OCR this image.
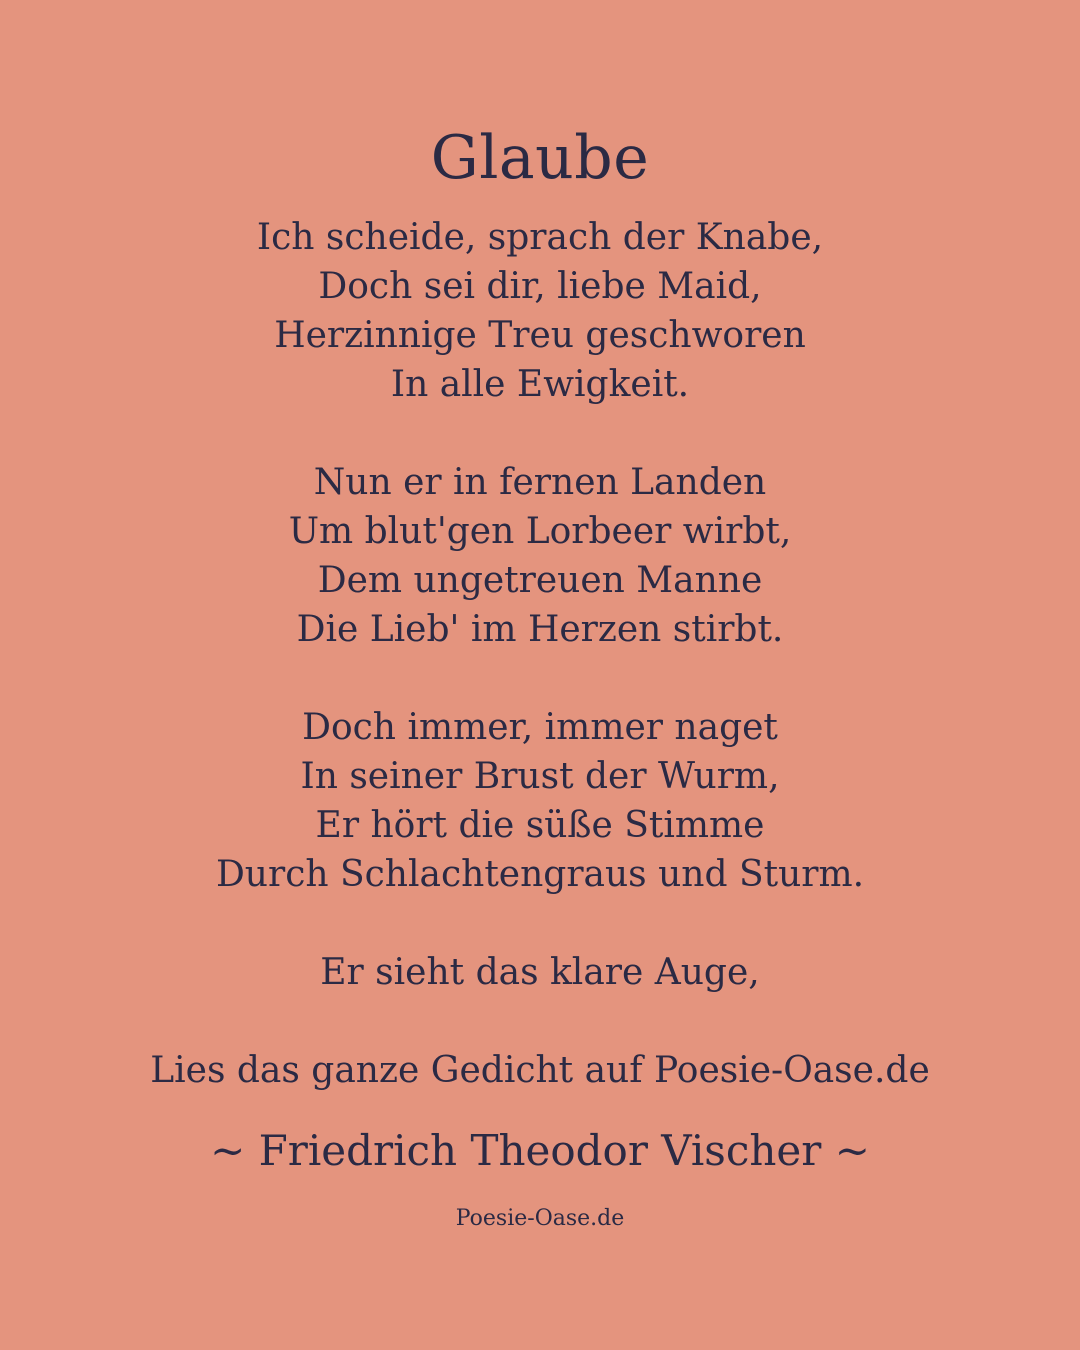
Glaube
Ich scheide, sprach der Knabe,
Doch sei dir, liebe Maid,
Herzinnige Treu geschworen
In alle Ewigkeit.
Nun er in fernen Landen
Um blut'gen Lorbeer wirbt,
Dem ungetreuen Manne
Die Lieb' im Herzen stirbt.
Doch immer, immer naget
In seiner Brust der Wurm,
Er hört die süße Stimme
Durch Schlachtengraus und Sturm.
Er sieht das klare Auge,
Lies das ganze Gedicht auf Poesie-Oase.de
~ Friedrich Theodor Vischer ~
Poesie-Oase.de
